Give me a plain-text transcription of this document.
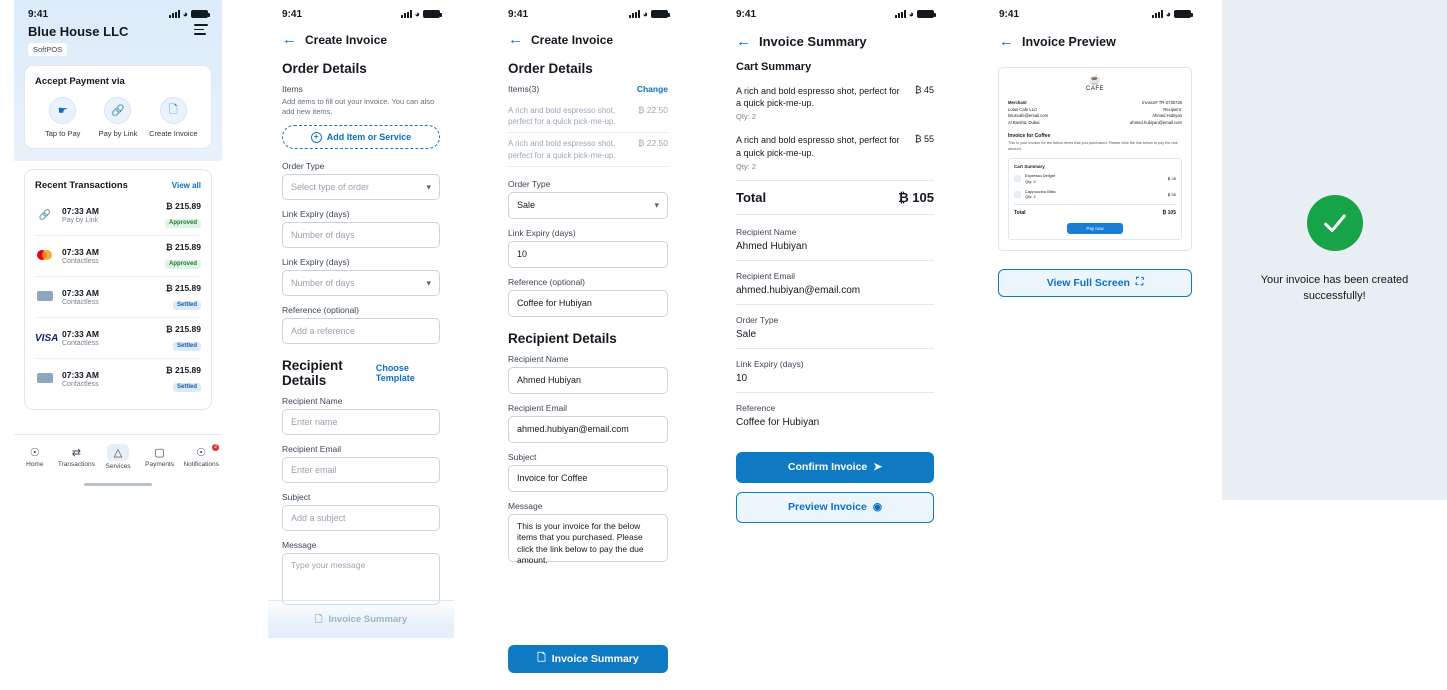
9:41	◕
Blue House LLC
SoftPOS
Accept Payment via
☛
Tap to Pay
🔗
Pay by Link
🗋
Create Invoice
Recent Transactions	View all
🔗	07:33 AM
Pay by Link
₿ 215.89
Approved
07:33 AM
Contactless
₿ 215.89
Approved
07:33 AM
Contactless
₿ 215.89
Settled
VISA 07:33 AM
Contactless
₿ 215.89
Settled
07:33 AM
Contactless
₿ 215.89
Settled
☉
Home
⇄
Transactions
△
Services
▢
Payments
☉	2
Notifications
9:41	◕
← Create Invoice
Order Details
Items
Add items to fill out your invoice. You can also add new items.
+ Add Item or Service
Order Type
Select type of order	▾
Link Expiry (days)
Number of days
Link Expiry (days)
Number of days	▾
Reference (optional)
Add a reference
Recipient Details
Choose Template
Recipient Name
Enter name
Recipient Email
Enter email
Subject
Add a subject
Message
Type your message
🗋 Invoice Summary
9:41	◕
← Create Invoice
Order Details
Items(3)	Change
A rich and bold espresso shot, perfect for a quick pick-me-up.
₿ 22.50
A rich and bold espresso shot, perfect for a quick pick-me-up.
₿ 22.50
Order Type
Sale	▾
Link Expiry (days)
10
Reference (optional)
Coffee for Hubiyan
Recipient Details
Recipient Name
Ahmed Hubiyan
Recipient Email
ahmed.hubiyan@email.com
Subject
Invoice for Coffee
Message
This is your invoice for the below items that you purchased. Please click the link below to pay the due amount.
🗋 Invoice Summary
9:41	◕
← Invoice Summary
Cart Summary
A rich and bold espresso shot, perfect for a quick pick-me-up.
Qty: 2
₿ 45
A rich and bold espresso shot, perfect for a quick pick-me-up.
Qty: 2
₿ 55
Total	₿ 105
Recipient Name
Ahmed Hubiyan
Recipient Email
ahmed.hubiyan@email.com
Order Type
Sale
Link Expiry (days)
10
Reference
Coffee for Hubiyan
Confirm Invoice ➤
Preview Invoice ◉
9:41	◕
← Invoice Preview
☕
CAFE
Merchant
Lotus Cafe LLC
lotuscafe@email.com
Al Barsha, Dubai.
Invoice# TR-2735726
Recipient:
Ahmed Hubiyan
ahmed.hubiyan@email.com
Invoice for Coffee
This is your invoice for the below items that you purchased. Please click the link below to pay the due amount.
Cart Summary
Espresso Delight
Qty: 2	₿ 45
Cappuccino Bliss
Qty: 2	₿ 55
Total	₿ 105
Pay now
View Full Screen ⛶	Your invoice has been created successfully!
